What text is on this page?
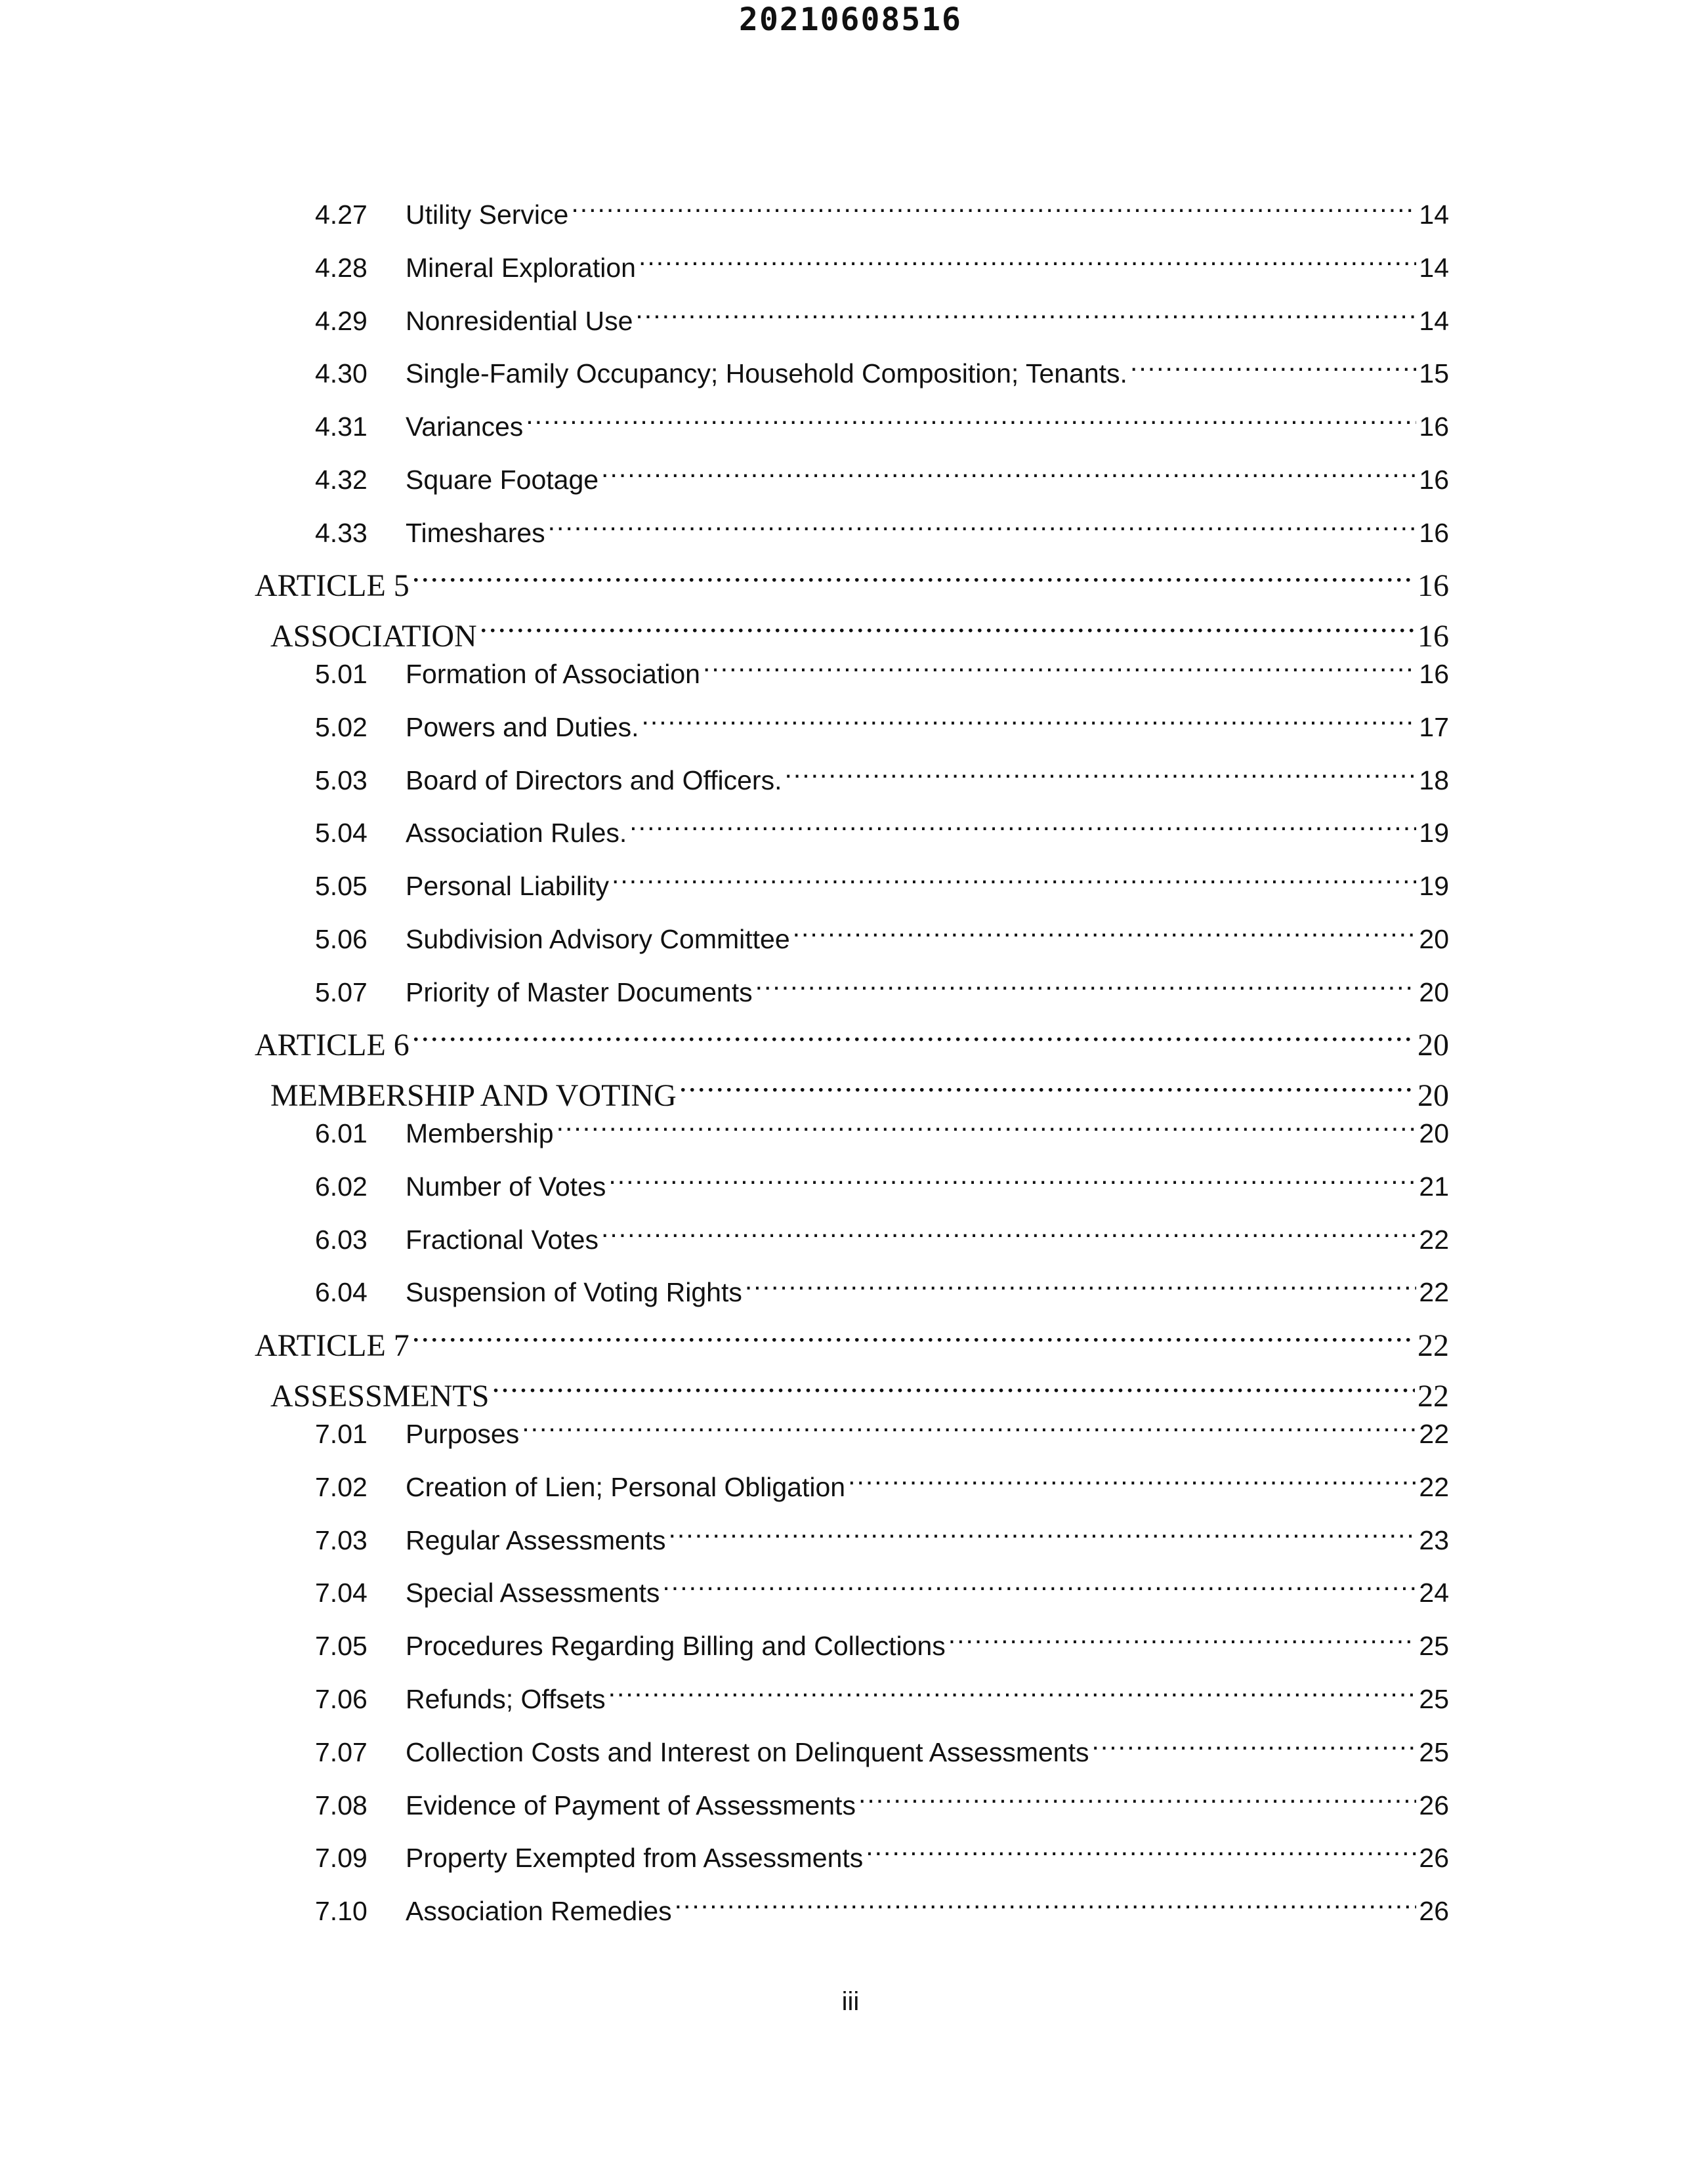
20210608516
4.27	Utility Service .....	14
4.28	Mineral Exploration .....	14
4.29	Nonresidential Use .....	14
4.30	Single-Family Occupancy; Household Composition; Tenants. .....	15
4.31	Variances .....	16
4.32	Square Footage .....	16
4.33	Timeshares .....	16
ARTICLE 5 .....	16
ASSOCIATION .....	16
5.01	Formation of Association .....	16
5.02	Powers and Duties. .....	17
5.03	Board of Directors and Officers. .....	18
5.04	Association Rules. .....	19
5.05	Personal Liability .....	19
5.06	Subdivision Advisory Committee .....	20
5.07	Priority of Master Documents .....	20
ARTICLE 6 .....	20
MEMBERSHIP AND VOTING .....	20
6.01	Membership .....	20
6.02	Number of Votes .....	21
6.03	Fractional Votes .....	22
6.04	Suspension of Voting Rights .....	22
ARTICLE 7 .....	22
ASSESSMENTS .....	22
7.01	Purposes .....	22
7.02	Creation of Lien; Personal Obligation .....	22
7.03	Regular Assessments .....	23
7.04	Special Assessments .....	24
7.05	Procedures Regarding Billing and Collections .....	25
7.06	Refunds; Offsets .....	25
7.07	Collection Costs and Interest on Delinquent Assessments .....	25
7.08	Evidence of Payment of Assessments .....	26
7.09	Property Exempted from Assessments .....	26
7.10	Association Remedies .....	26
iii
